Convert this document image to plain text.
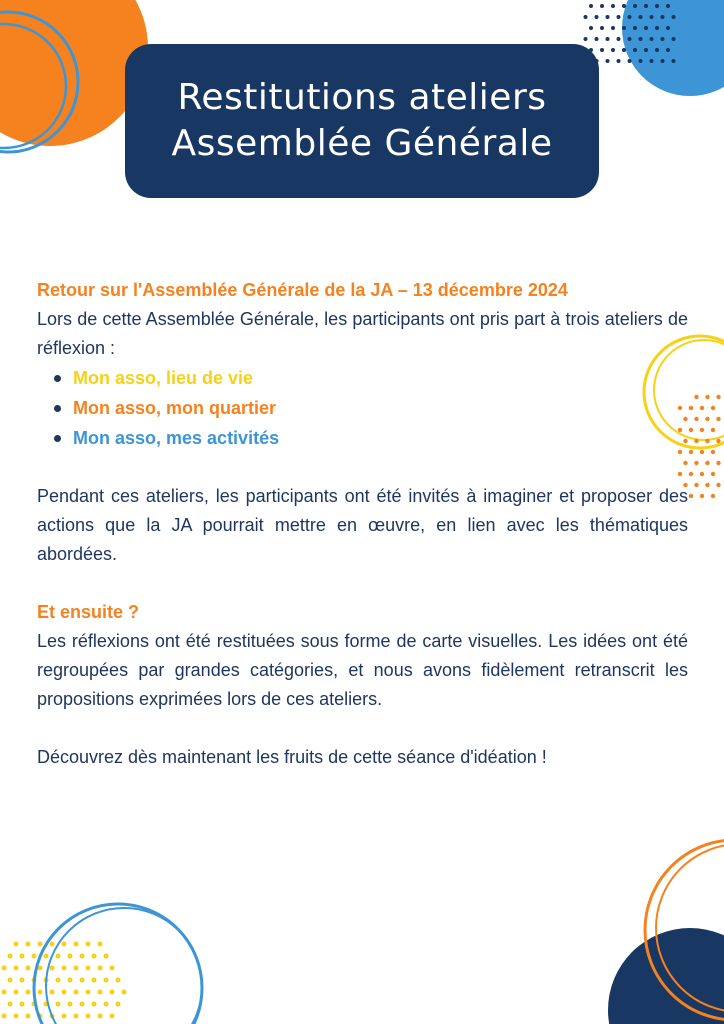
Restitutions ateliers
Assemblée Générale

Retour sur l'Assemblée Générale de la JA – 13 décembre 2024

Lors de cette Assemblée Générale, les participants ont pris part à trois ateliers de réflexion :

Mon asso, lieu de vie
Mon asso, mon quartier
Mon asso, mes activités

Pendant ces ateliers, les participants ont été invités à imaginer et proposer des actions que la JA pourrait mettre en œuvre, en lien avec les thématiques abordées.

Et ensuite ?

Les réflexions ont été restituées sous forme de carte visuelles. Les idées ont été regroupées par grandes catégories, et nous avons fidèlement retranscrit les propositions exprimées lors de ces ateliers.

Découvrez dès maintenant les fruits de cette séance d'idéation !
